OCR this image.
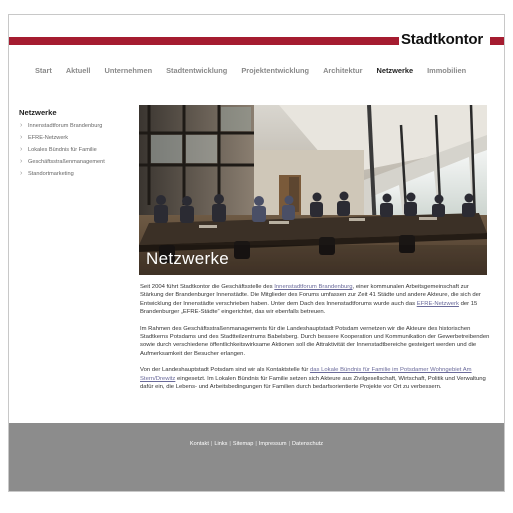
Stadtkontor
Start Aktuell Unternehmen Stadtentwicklung Projektentwicklung Architektur Netzwerke Immobilien
Netzwerke
› Innenstadtforum Brandenburg
› EFRE-Netzwerk
› Lokales Bündnis für Familie
› Geschäftsstraßenmanagement
› Standortmarketing
Netzwerke

Seit 2004 führt Stadtkontor die Geschäftsstelle des Innenstadtforum Brandenburg, einer kommunalen Arbeitsgemeinschaft zur Stärkung der Brandenburger Innenstädte. Die Mitglieder des Forums umfassen zur Zeit 41 Städte und andere Akteure, die sich der Entwicklung der Innenstädte verschrieben haben. Unter dem Dach des Innenstadtforums wurde auch das EFRE-Netzwerk der 15 Brandenburger „EFRE-Städte“ eingerichtet, das wir ebenfalls betreuen.

Im Rahmen des Geschäftsstraßenmanagements für die Landeshauptstadt Potsdam vernetzen wir die Akteure des historischen Stadtkerns Potsdams und des Stadtteilzentrums Babelsberg. Durch bessere Kooperation und Kommunikation der Gewerbetreibenden sowie durch verschiedene öffentlichkeitswirksame Aktionen soll die Attraktivität der Innenstadtbereiche gesteigert werden und die Aufmerksamkeit der Besucher erlangen.

Von der Landeshauptstadt Potsdam sind wir als Kontaktstelle für das Lokale Bündnis für Familie im Potsdamer Wohngebiet Am Stern/Drewitz eingesetzt. Im Lokalen Bündnis für Familie setzen sich Akteure aus Zivilgesellschaft, Wirtschaft, Politik und Verwaltung dafür ein, die Lebens- und Arbeitsbedingungen für Familien durch bedarfsorientierte Projekte vor Ort zu verbessern.

Kontakt | Links | Sitemap | Impressum | Datenschutz
